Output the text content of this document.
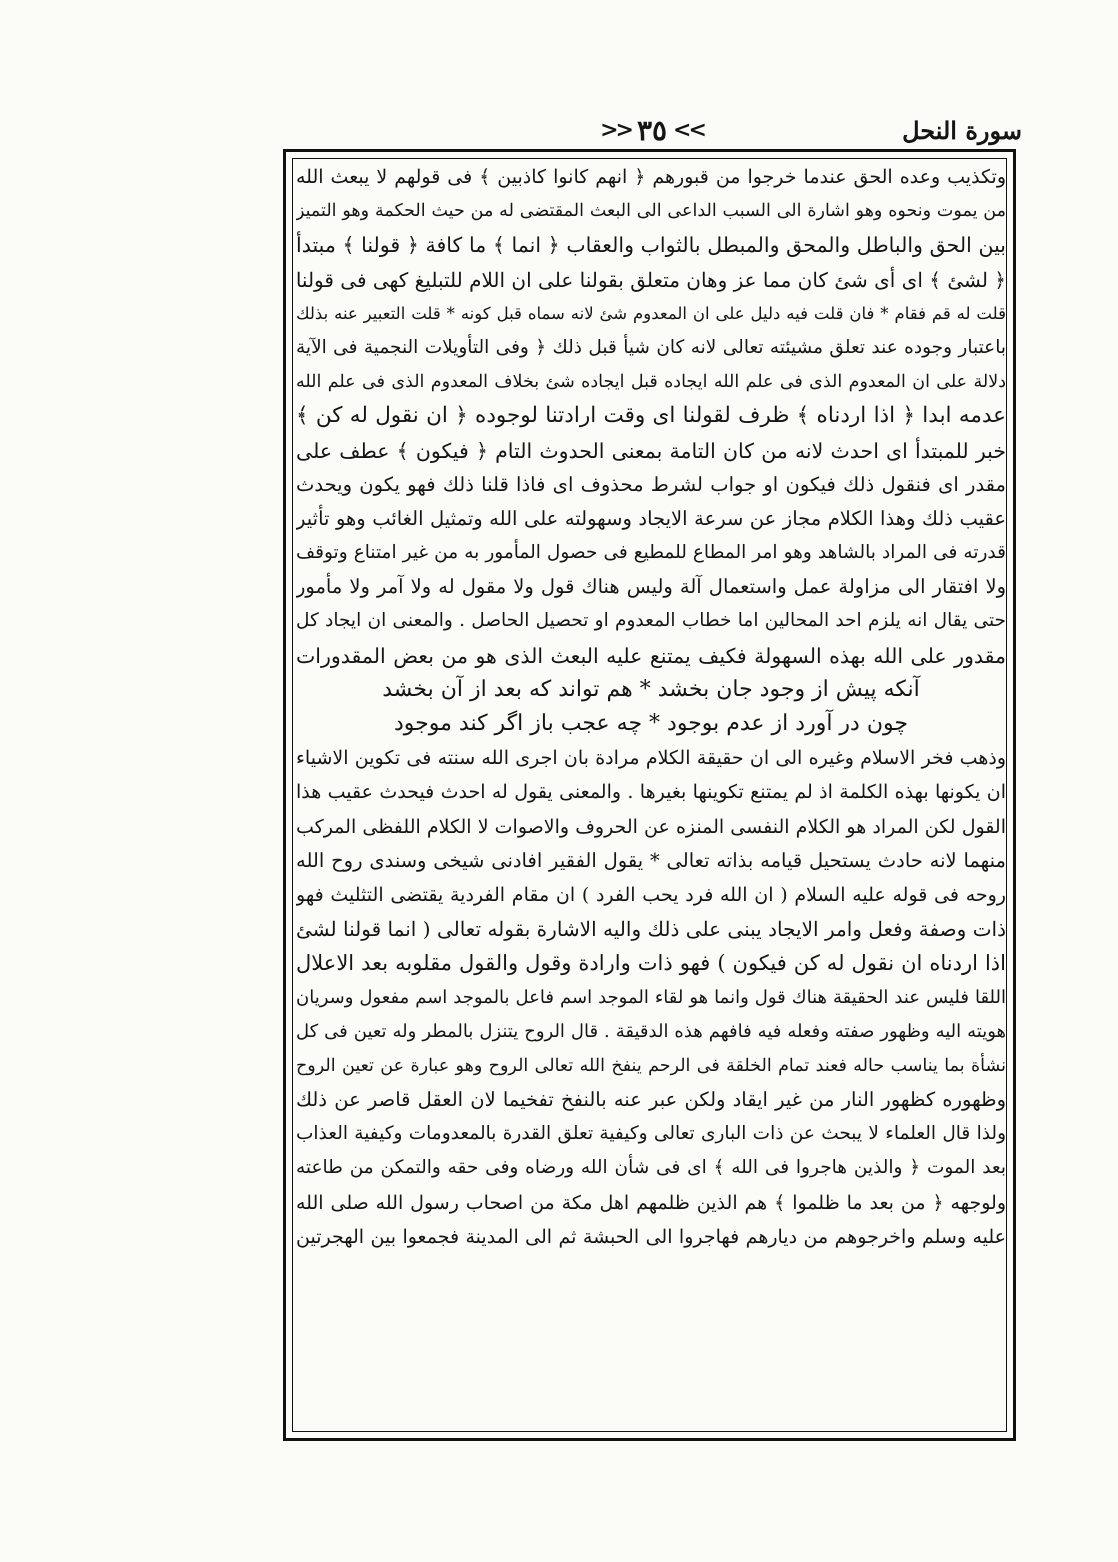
سورة النحل
>> ٣٥ <<
وتكذيب وعده الحق عندما خرجوا من قبورهم ﴿ انهم كانوا كاذبين ﴾ فى قولهم لا يبعث الله
من يموت ونحوه وهو اشارة الى السبب الداعى الى البعث المقتضى له من حيث الحكمة وهو التميز
بين الحق والباطل والمحق والمبطل بالثواب والعقاب ﴿ انما ﴾ ما كافة ﴿ قولنا ﴾ مبتدأ
﴿ لشئ ﴾ اى أى شئ كان مما عز وهان متعلق بقولنا على ان اللام للتبليغ كهى فى قولنا
قلت له قم فقام * فان قلت فيه دليل على ان المعدوم شئ لانه سماه قبل كونه * قلت التعبير عنه بذلك
باعتبار وجوده عند تعلق مشيئته تعالى لانه كان شيأ قبل ذلك ﴿ وفى التأويلات النجمية فى الآية
دلالة على ان المعدوم الذى فى علم الله ايجاده قبل ايجاده شئ بخلاف المعدوم الذى فى علم الله
عدمه ابدا ﴿ اذا اردناه ﴾ ظرف لقولنا اى وقت ارادتنا لوجوده ﴿ ان نقول له كن ﴾
خبر للمبتدأ اى احدث لانه من كان التامة بمعنى الحدوث التام ﴿ فيكون ﴾ عطف على
مقدر اى فنقول ذلك فيكون او جواب لشرط محذوف اى فاذا قلنا ذلك فهو يكون ويحدث
عقيب ذلك وهذا الكلام مجاز عن سرعة الايجاد وسهولته على الله وتمثيل الغائب وهو تأثير
قدرته فى المراد بالشاهد وهو امر المطاع للمطيع فى حصول المأمور به من غير امتناع وتوقف
ولا افتقار الى مزاولة عمل واستعمال آلة وليس هناك قول ولا مقول له ولا آمر ولا مأمور
حتى يقال انه يلزم احد المحالين اما خطاب المعدوم او تحصيل الحاصل . والمعنى ان ايجاد كل
مقدور على الله بهذه السهولة فكيف يمتنع عليه البعث الذى هو من بعض المقدورات
آنكه پيش از وجود جان بخشد * هم تواند كه بعد از آن بخشد
چون در آورد از عدم بوجود * چه عجب باز اگر كند موجود
وذهب فخر الاسلام وغيره الى ان حقيقة الكلام مرادة بان اجرى الله سنته فى تكوين الاشياء
ان يكونها بهذه الكلمة اذ لم يمتنع تكوينها بغيرها . والمعنى يقول له احدث فيحدث عقيب هذا
القول لكن المراد هو الكلام النفسى المنزه عن الحروف والاصوات لا الكلام اللفظى المركب
منهما لانه حادث يستحيل قيامه بذاته تعالى * يقول الفقير افادنى شيخى وسندى روح الله
روحه فى قوله عليه السلام ( ان الله فرد يحب الفرد ) ان مقام الفردية يقتضى التثليث فهو
ذات وصفة وفعل وامر الايجاد يبنى على ذلك واليه الاشارة بقوله تعالى ( انما قولنا لشئ
اذا اردناه ان نقول له كن فيكون ) فهو ذات وارادة وقول والقول مقلوبه بعد الاعلال
اللقا فليس عند الحقيقة هناك قول وانما هو لقاء الموجد اسم فاعل بالموجد اسم مفعول وسريان
هويته اليه وظهور صفته وفعله فيه فافهم هذه الدقيقة . قال الروح يتنزل بالمطر وله تعين فى كل
نشأة بما يناسب حاله فعند تمام الخلقة فى الرحم ينفخ الله تعالى الروح وهو عبارة عن تعين الروح
وظهوره كظهور النار من غير ايقاد ولكن عبر عنه بالنفخ تفخيما لان العقل قاصر عن ذلك
ولذا قال العلماء لا يبحث عن ذات البارى تعالى وكيفية تعلق القدرة بالمعدومات وكيفية العذاب
بعد الموت ﴿ والذين هاجروا فى الله ﴾ اى فى شأن الله ورضاه وفى حقه والتمكن من طاعته
ولوجهه ﴿ من بعد ما ظلموا ﴾ هم الذين ظلمهم اهل مكة من اصحاب رسول الله صلى الله
عليه وسلم واخرجوهم من ديارهم فهاجروا الى الحبشة ثم الى المدينة فجمعوا بين الهجرتين
